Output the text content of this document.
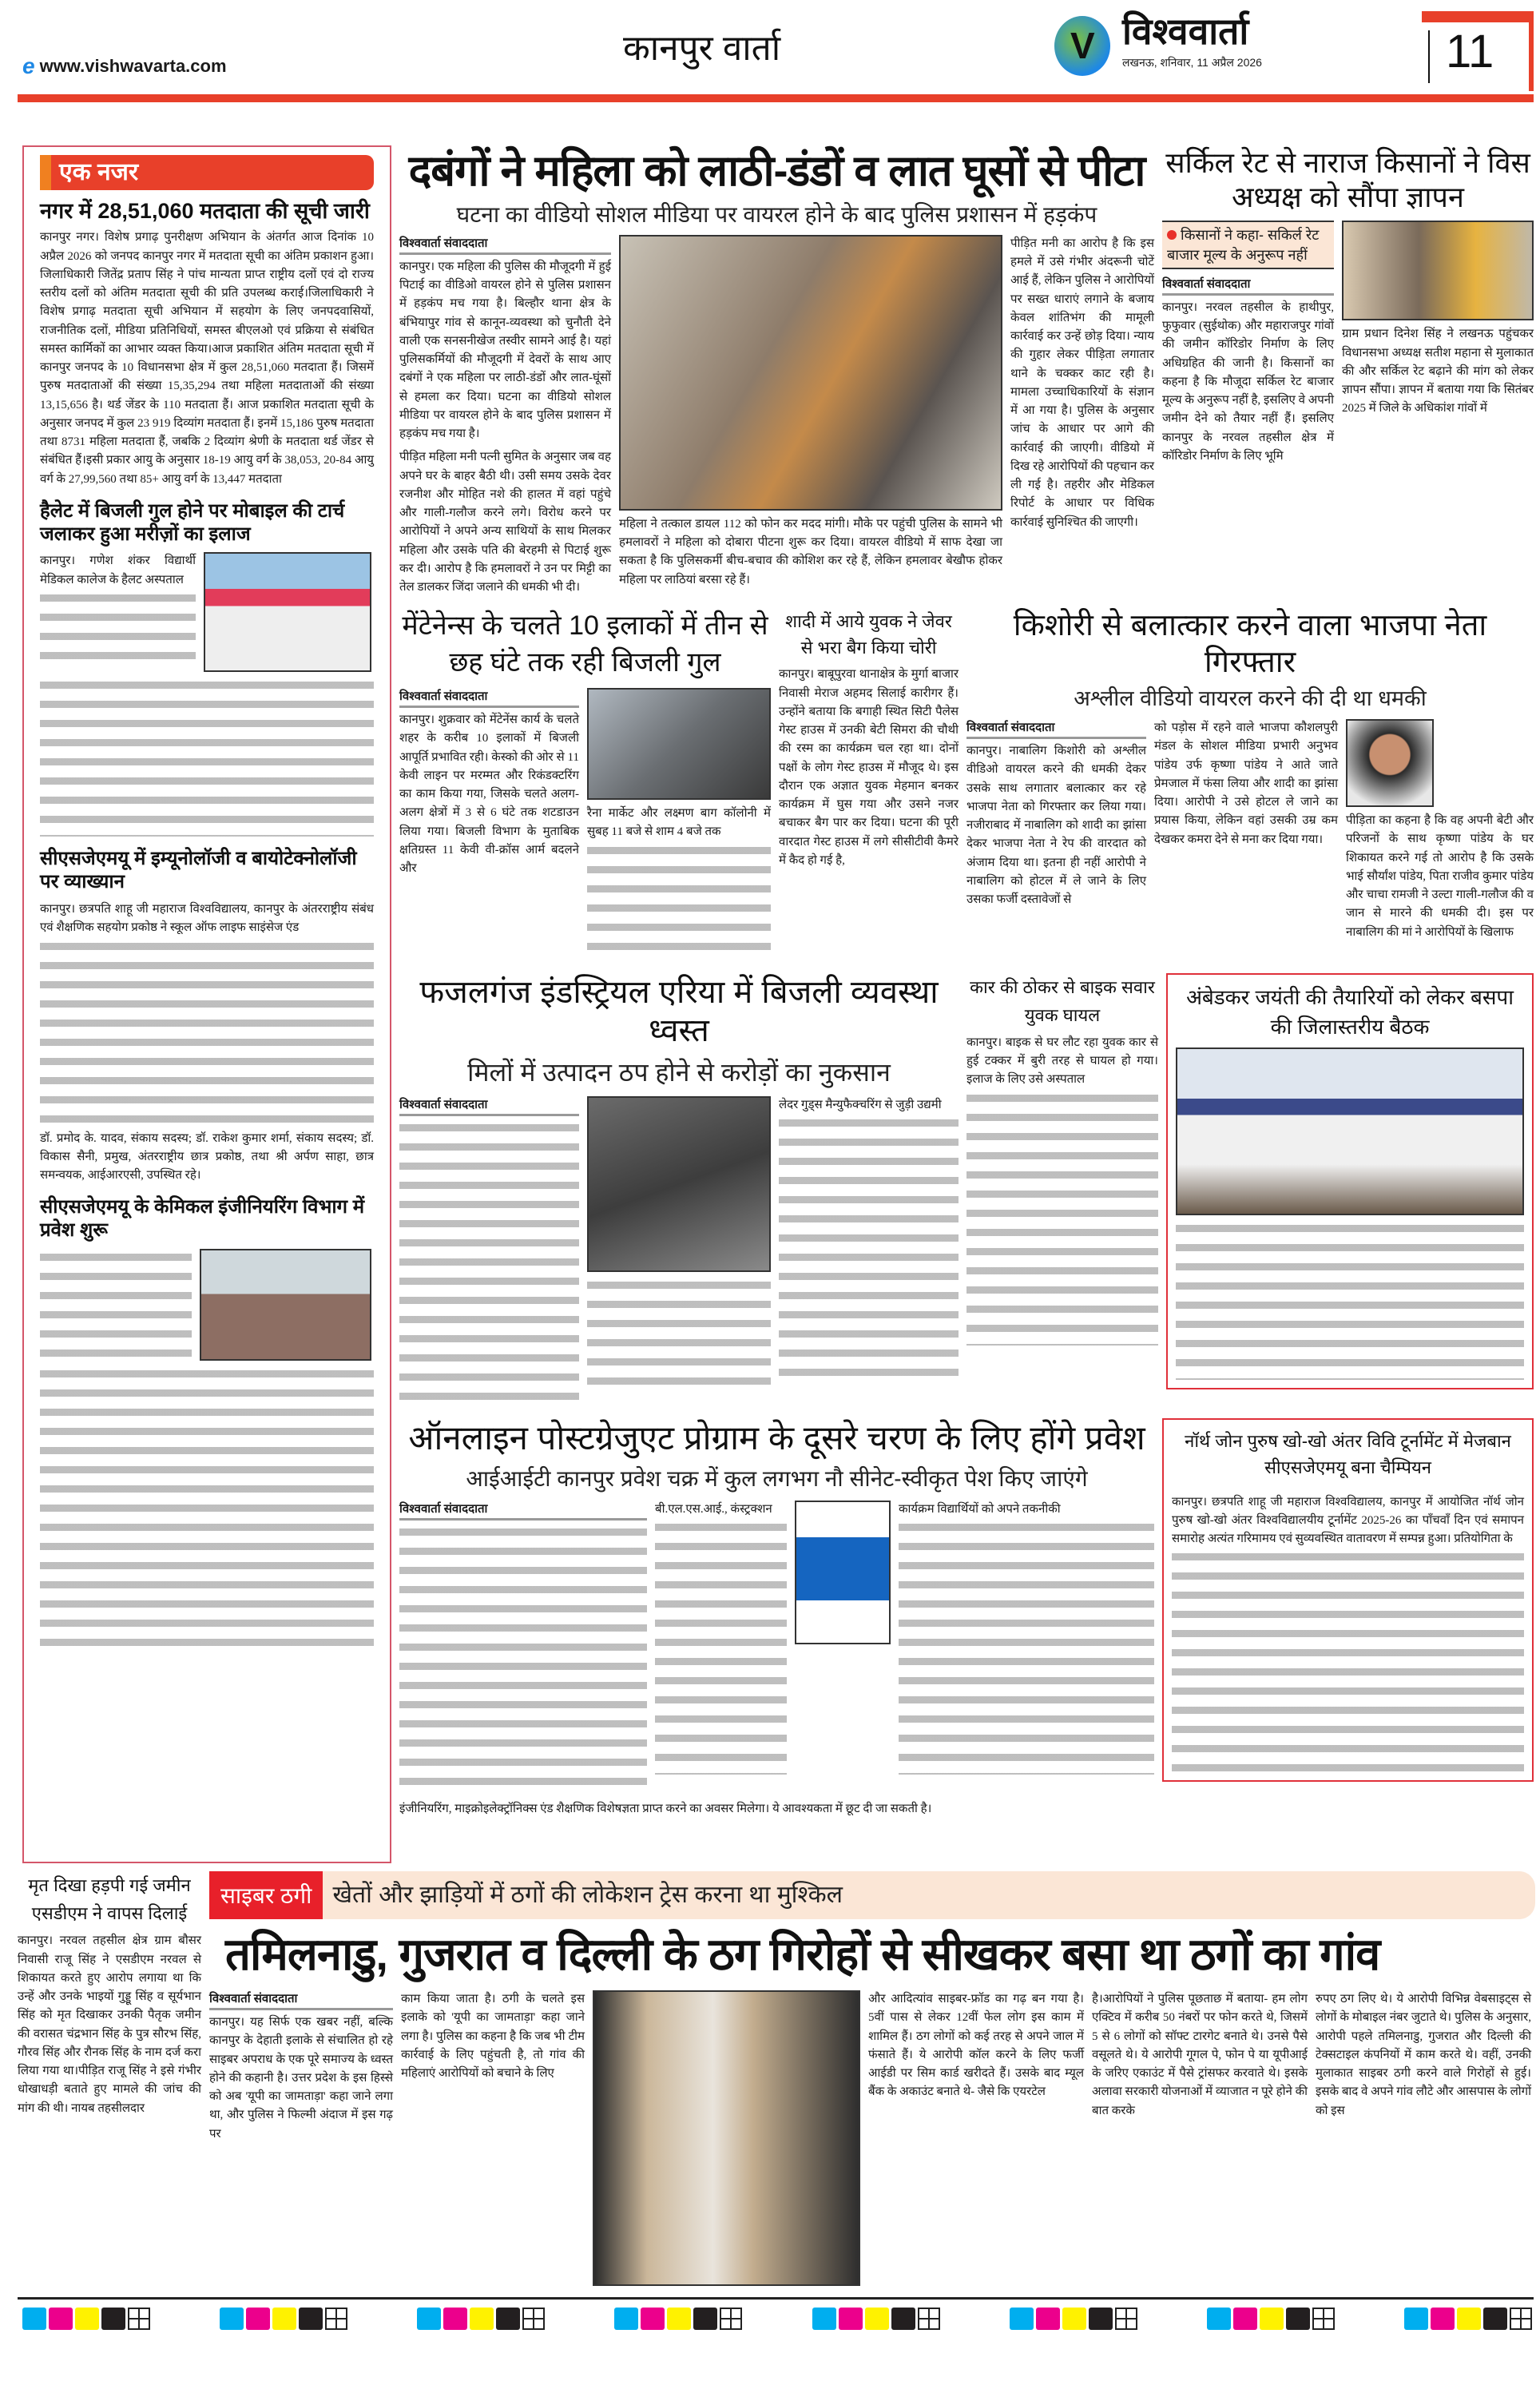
e www.vishwavarta.com	कानपुर वार्ता	V विश्ववार्ता
लखनऊ, शनिवार, 11 अप्रैल 2026	11
एक नजर
नगर में 28,51,060 मतदाता की सूची जारी
कानपुर नगर। विशेष प्रगाढ़ पुनरीक्षण अभियान के अंतर्गत आज दिनांक 10 अप्रैल 2026 को जनपद कानपुर नगर में मतदाता सूची का अंतिम प्रकाशन हुआ। जिलाधिकारी जितेंद्र प्रताप सिंह ने पांच मान्यता प्राप्त राष्ट्रीय दलों एवं दो राज्य स्तरीय दलों को अंतिम मतदाता सूची की प्रति उपलब्ध कराई।जिलाधिकारी ने विशेष प्रगाढ़ मतदाता सूची अभियान में सहयोग के लिए जनपदवासियों, राजनीतिक दलों, मीडिया प्रतिनिधियों, समस्त बीएलओ एवं प्रक्रिया से संबंधित समस्त कार्मिकों का आभार व्यक्त किया।आज प्रकाशित अंतिम मतदाता सूची में कानपुर जनपद के 10 विधानसभा क्षेत्र में कुल 28,51,060 मतदाता हैं। जिसमें पुरुष मतदाताओं की संख्या 15,35,294 तथा महिला मतदाताओं की संख्या 13,15,656 है। थर्ड जेंडर के 110 मतदाता हैं। आज प्रकाशित मतदाता सूची के अनुसार जनपद में कुल 23 919 दिव्यांग मतदाता हैं। इनमें 15,186 पुरुष मतदाता तथा 8731 महिला मतदाता हैं, जबकि 2 दिव्यांग श्रेणी के मतदाता थर्ड जेंडर से संबंधित हैं।इसी प्रकार आयु के अनुसार 18-19 आयु वर्ग के 38,053, 20-84 आयु वर्ग के 27,99,560 तथा 85+ आयु वर्ग के 13,447 मतदाता
हैलेट में बिजली गुल होने पर मोबाइल की टार्च जलाकर हुआ मरीज़ों का इलाज
कानपुर। गणेश शंकर विद्यार्थी मेडिकल कालेज के हैलट अस्पताल
सीएसजेएमयू में इम्यूनोलॉजी व बायोटेक्नोलॉजी पर व्याख्यान
कानपुर। छत्रपति शाहू जी महाराज विश्वविद्यालय, कानपुर के अंतरराष्ट्रीय संबंध एवं शैक्षणिक सहयोग प्रकोष्ठ ने स्कूल ऑफ लाइफ साइंसेज एंड
डॉ. प्रमोद के. यादव, संकाय सदस्य; डॉ. राकेश कुमार शर्मा, संकाय सदस्य; डॉ. विकास सैनी, प्रमुख, अंतरराष्ट्रीय छात्र प्रकोष्ठ, तथा श्री अर्पण साहा, छात्र समन्वयक, आईआरएसी, उपस्थित रहे।
सीएसजेएमयू के केमिकल इंजीनियरिंग विभाग में प्रवेश शुरू
दबंगों ने महिला को लाठी-डंडों व लात घूसों से पीटा
घटना का वीडियो सोशल मीडिया पर वायरल होने के बाद पुलिस प्रशासन में हड़कंप
विश्ववार्ता संवाददाता
कानपुर। एक महिला की पुलिस की मौजूदगी में हुई पिटाई का वीडिओ वायरल होने से पुलिस प्रशासन में हड़कंप मच गया है। बिल्हौर थाना क्षेत्र के बंभियापुर गांव से कानून-व्यवस्था को चुनौती देने वाली एक सनसनीखेज तस्वीर सामने आई है। यहां पुलिसकर्मियों की मौजूदगी में देवरों के साथ आए दबंगों ने एक महिला पर लाठी-डंडों और लात-घूंसों से हमला कर दिया। घटना का वीडियो सोशल मीडिया पर वायरल होने के बाद पुलिस प्रशासन में हड़कंप मच गया है।
पीड़ित महिला मनी पत्नी सुमित के अनुसार जब वह अपने घर के बाहर बैठी थी। उसी समय उसके देवर रजनीश और मोहित नशे की हालत में वहां पहुंचे और गाली-गलौज करने लगे। विरोध करने पर आरोपियों ने अपने अन्य साथियों के साथ मिलकर महिला और उसके पति की बेरहमी से पिटाई शुरू कर दी। आरोप है कि हमलावरों ने उन पर मिट्टी का तेल डालकर जिंदा जलाने की धमकी भी दी।
महिला ने तत्काल डायल 112 को फोन कर मदद मांगी। मौके पर पहुंची पुलिस के सामने भी हमलावरों ने महिला को दोबारा पीटना शुरू कर दिया। वायरल वीडियो में साफ देखा जा सकता है कि पुलिसकर्मी बीच-बचाव की कोशिश कर रहे हैं, लेकिन हमलावर बेखौफ होकर महिला पर लाठियां बरसा रहे हैं।
पीड़ित मनी का आरोप है कि इस हमले में उसे गंभीर अंदरूनी चोटें आई हैं, लेकिन पुलिस ने आरोपियों पर सख्त धाराएं लगाने के बजाय केवल शांतिभंग की मामूली कार्रवाई कर उन्हें छोड़ दिया। न्याय की गुहार लेकर पीड़िता लगातार थाने के चक्कर काट रही है। मामला उच्चाधिकारियों के संज्ञान में आ गया है। पुलिस के अनुसार जांच के आधार पर आगे की कार्रवाई की जाएगी। वीडियो में दिख रहे आरोपियों की पहचान कर ली गई है। तहरीर और मेडिकल रिपोर्ट के आधार पर विधिक कार्रवाई सुनिश्चित की जाएगी।
सर्किल रेट से नाराज किसानों ने विस अध्यक्ष को सौंपा ज्ञापन
किसानों ने कहा- सकिर्ल रेट बाजार मूल्य के अनुरूप नहीं
विश्ववार्ता संवाददाता
कानपुर। नरवल तहसील के हाथीपुर, फुफुवार (सुईथोक) और महाराजपुर गांवों की जमीन कॉरिडोर निर्माण के लिए अधिग्रहित की जानी है। किसानों का कहना है कि मौजूदा सर्किल रेट बाजार मूल्य के अनुरूप नहीं है, इसलिए वे अपनी जमीन देने को तैयार नहीं हैं। इसलिए कानपुर के नरवल तहसील क्षेत्र में कॉरिडोर निर्माण के लिए भूमि
ग्राम प्रधान दिनेश सिंह ने लखनऊ पहुंचकर विधानसभा अध्यक्ष सतीश महाना से मुलाकात की और सर्किल रेट बढ़ाने की मांग को लेकर ज्ञापन सौंपा। ज्ञापन में बताया गया कि सितंबर 2025 में जिले के अधिकांश गांवों में
मेंटेनेन्स के चलते 10 इलाकों में तीन से छह घंटे तक रही बिजली गुल
विश्ववार्ता संवाददाता
कानपुर। शुक्रवार को मेंटेनेंस कार्य के चलते शहर के करीब 10 इलाकों में बिजली आपूर्ति प्रभावित रही। केस्को की ओर से 11 केवी लाइन पर मरम्मत और रिकंडक्टरिंग का काम किया गया, जिसके चलते अलग-अलग क्षेत्रों में 3 से 6 घंटे तक शटडाउन लिया गया। बिजली विभाग के मुताबिक क्षतिग्रस्त 11 केवी वी-क्रॉस आर्म बदलने और
रैना मार्केट और लक्ष्मण बाग कॉलोनी में सुबह 11 बजे से शाम 4 बजे तक
शादी में आये युवक ने जेवर से भरा बैग किया चोरी
कानपुर। बाबूपुरवा थानाक्षेत्र के मुर्गा बाजार निवासी मेराज अहमद सिलाई कारीगर हैं। उन्होंने बताया कि बगाही स्थित सिटी पैलेस गेस्ट हाउस में उनकी बेटी सिमरा की चौथी की रस्म का कार्यक्रम चल रहा था। दोनों पक्षों के लोग गेस्ट हाउस में मौजूद थे। इस दौरान एक अज्ञात युवक मेहमान बनकर कार्यक्रम में घुस गया और उसने नजर बचाकर बैग पार कर दिया। घटना की पूरी वारदात गेस्ट हाउस में लगे सीसीटीवी कैमरे में कैद हो गई है,
किशोरी से बलात्कार करने वाला भाजपा नेता गिरफ्तार
अश्लील वीडियो वायरल करने की दी था धमकी
विश्ववार्ता संवाददाता
कानपुर। नाबालिग किशोरी को अश्लील वीडिओ वायरल करने की धमकी देकर उसके साथ लगातार बलात्कार कर रहे भाजपा नेता को गिरफ्तार कर लिया गया। नजीराबाद में नाबालिग को शादी का झांसा देकर भाजपा नेता ने रेप की वारदात को अंजाम दिया था। इतना ही नहीं आरोपी ने नाबालिग को होटल में ले जाने के लिए उसका फर्जी दस्तावेजों से
को पड़ोस में रहने वाले भाजपा कौशलपुरी मंडल के सोशल मीडिया प्रभारी अनुभव पांडेय उर्फ कृष्णा पांडेय ने आते जाते प्रेमजाल में फंसा लिया और शादी का झांसा दिया। आरोपी ने उसे होटल ले जाने का प्रयास किया, लेकिन वहां उसकी उम्र कम देखकर कमरा देने से मना कर दिया गया।
पीड़िता का कहना है कि वह अपनी बेटी और परिजनों के साथ कृष्णा पांडेय के घर शिकायत करने गई तो आरोप है कि उसके भाई सौर्यांश पांडेय, पिता राजीव कुमार पांडेय और चाचा रामजी ने उल्टा गाली-गलौज की व जान से मारने की धमकी दी। इस पर नाबालिग की मां ने आरोपियों के खिलाफ
फजलगंज इंडस्ट्रियल एरिया में बिजली व्यवस्था ध्वस्त
मिलों में उत्पादन ठप होने से करोड़ों का नुकसान
विश्ववार्ता संवाददाता	लेदर गुड्स मैन्युफैक्चरिंग से जुड़ी उद्यमी
कार की ठोकर से बाइक सवार युवक घायल
कानपुर। बाइक से घर लौट रहा युवक कार से हुई टक्कर में बुरी तरह से घायल हो गया। इलाज के लिए उसे अस्पताल
अंबेडकर जयंती की तैयारियों को लेकर बसपा की जिलास्तरीय बैठक
ऑनलाइन पोस्टग्रेजुएट प्रोग्राम के दूसरे चरण के लिए होंगे प्रवेश
आईआईटी कानपुर प्रवेश चक्र में कुल लगभग नौ सीनेट-स्वीकृत पेश किए जाएंगे
विश्ववार्ता संवाददाता	बी.एल.एस.आई., कंस्ट्रक्शन	कार्यक्रम विद्यार्थियों को अपने तकनीकी
इंजीनियरिंग, माइक्रोइलेक्ट्रॉनिक्स एंड शैक्षणिक विशेषज्ञता प्राप्त करने का अवसर मिलेगा। ये आवश्यकता में छूट दी जा सकती है।
नॉर्थ जोन पुरुष खो-खो अंतर विवि टूर्नामेंट में मेजबान सीएसजेएमयू बना चैम्पियन
कानपुर। छत्रपति शाहू जी महाराज विश्वविद्यालय, कानपुर में आयोजित नॉर्थ जोन पुरुष खो-खो अंतर विश्वविद्यालयीय टूर्नामेंट 2025-26 का पाँचवाँ दिन एवं समापन समारोह अत्यंत गरिमामय एवं सुव्यवस्थित वातावरण में सम्पन्न हुआ। प्रतियोगिता के
मृत दिखा हड़पी गई जमीन एसडीएम ने वापस दिलाई
कानपुर। नरवल तहसील क्षेत्र ग्राम बौसर निवासी राजू सिंह ने एसडीएम नरवल से शिकायत करते हुए आरोप लगाया था कि उन्हें और उनके भाइयों गुड्डू सिंह व सूर्यभान सिंह को मृत दिखाकर उनकी पैतृक जमीन की वरासत चंद्रभान सिंह के पुत्र सौरभ सिंह, गौरव सिंह और रौनक सिंह के नाम दर्ज करा लिया गया था।पीड़ित राजू सिंह ने इसे गंभीर धोखाधड़ी बताते हुए मामले की जांच की मांग की थी। नायब तहसीलदार
साइबर ठगी खेतों और झाड़ियों में ठगों की लोकेशन ट्रेस करना था मुश्किल
तमिलनाडु, गुजरात व दिल्ली के ठग गिरोहों से सीखकर बसा था ठगों का गांव
विश्ववार्ता संवाददाता
कानपुर। यह सिर्फ एक खबर नहीं, बल्कि कानपुर के देहाती इलाके से संचालित हो रहे साइबर अपराध के एक पूरे समाज्य के ध्वस्त होने की कहानी है। उत्तर प्रदेश के इस हिस्से को अब 'यूपी का जामताड़ा' कहा जाने लगा था, और पुलिस ने फिल्मी अंदाज में इस गढ़ पर
काम किया जाता है। ठगी के चलते इस इलाके को 'यूपी का जामताड़ा' कहा जाने लगा है। पुलिस का कहना है कि जब भी टीम कार्रवाई के लिए पहुंचती है, तो गांव की महिलाएं आरोपियों को बचाने के लिए
और आदित्यांव साइबर-फ्रॉड का गढ़ बन गया है। 5वीं पास से लेकर 12वीं फेल लोग इस काम में शामिल हैं। ठग लोगों को कई तरह से अपने जाल में फंसाते हैं। ये आरोपी कॉल करने के लिए फर्जी आईडी पर सिम कार्ड खरीदते हैं। उसके बाद म्यूल बैंक के अकाउंट बनाते थे- जैसे कि एयरटेल
है।आरोपियों ने पुलिस पूछताछ में बताया- हम लोग एक्टिव में करीब 50 नंबरों पर फोन करते थे, जिसमें 5 से 6 लोगों को सॉफ्ट टारगेट बनाते थे। उनसे पैसे वसूलते थे। ये आरोपी गूगल पे, फोन पे या यूपीआई के जरिए एकाउंट में पैसे ट्रांसफर करवाते थे। इसके अलावा सरकारी योजनाओं में व्याजात न पूरे होने की बात करके
रुपए ठग लिए थे। ये आरोपी विभिन्न वेबसाइट्स से लोगों के मोबाइल नंबर जुटाते थे। पुलिस के अनुसार, आरोपी पहले तमिलनाडु, गुजरात और दिल्ली की टेक्सटाइल कंपनियों में काम करते थे। वहीं, उनकी मुलाकात साइबर ठगी करने वाले गिरोहों से हुई। इसके बाद वे अपने गांव लौटे और आसपास के लोगों को इस
